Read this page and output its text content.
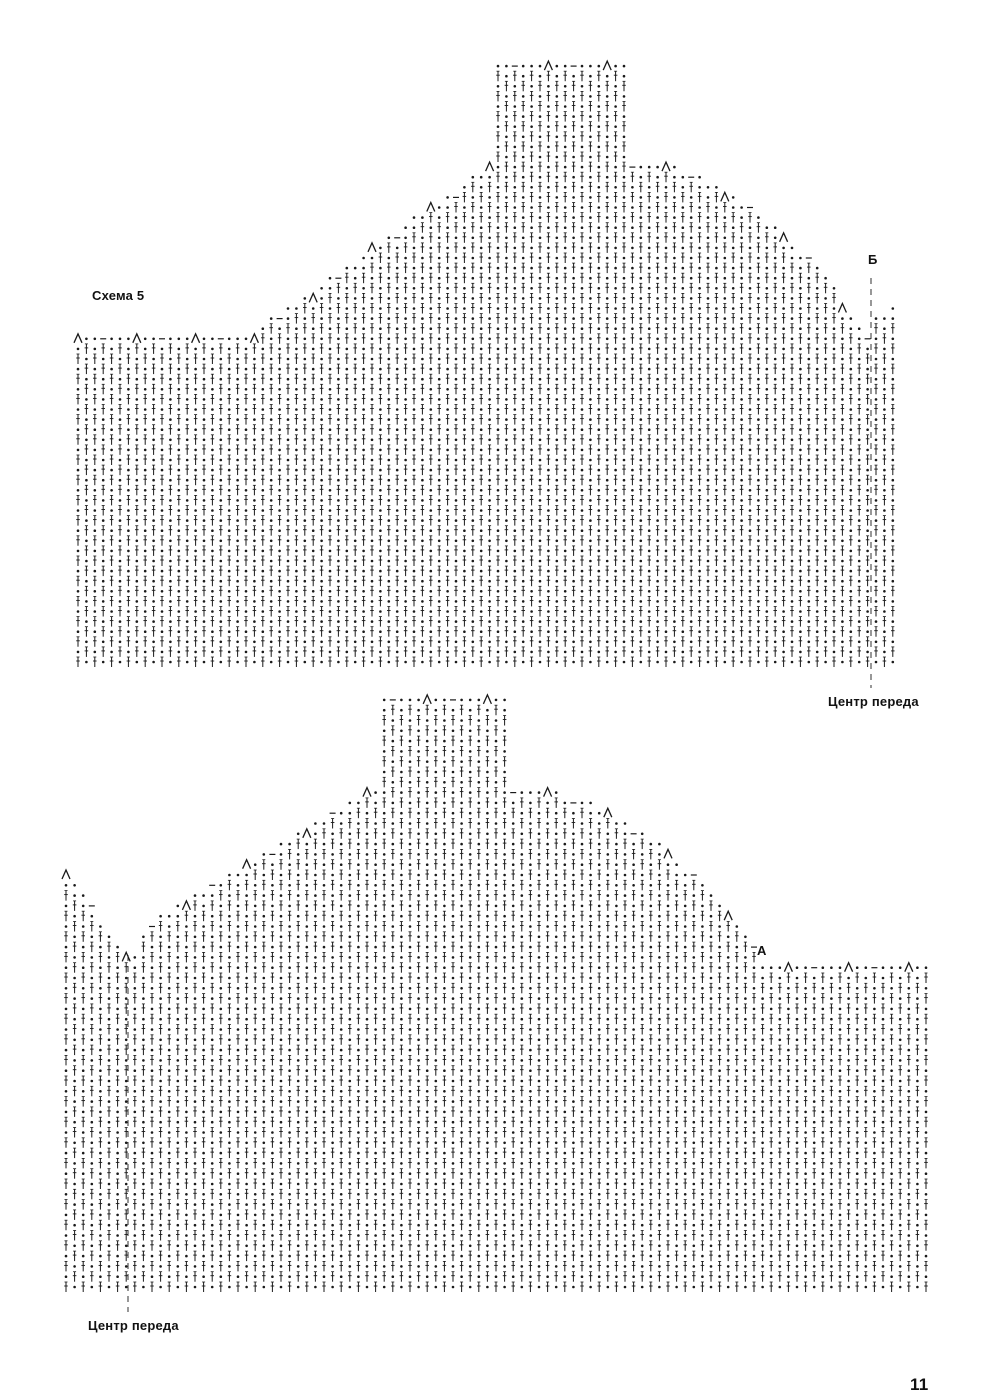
Схема 5
Б
А
Центр переда
Центр переда
11
